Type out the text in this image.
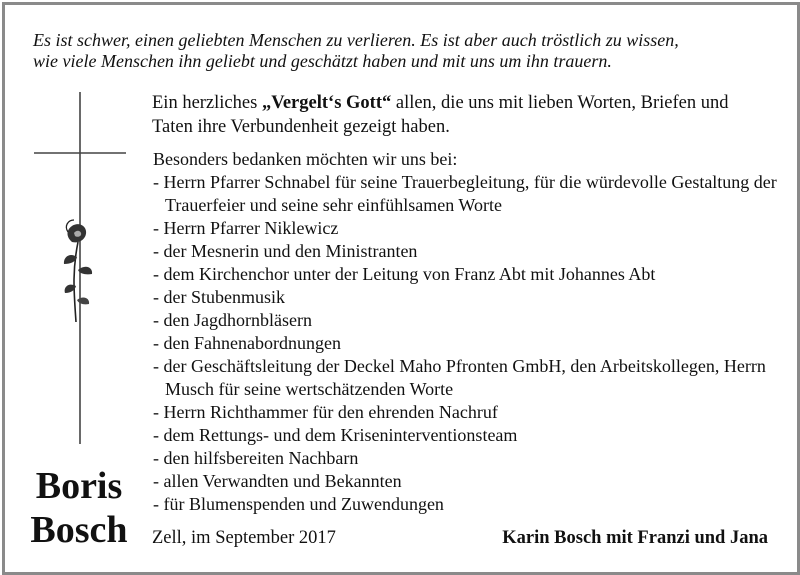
Es ist schwer, einen geliebten Menschen zu verlieren. Es ist aber auch tröstlich zu wissen,
wie viele Menschen ihn geliebt und geschätzt haben und mit uns um ihn trauern.

Ein herzliches „Vergelt‘s Gott“ allen, die uns mit lieben Worten, Briefen und Taten ihre Verbundenheit gezeigt haben.

Besonders bedanken möchten wir uns bei:

- Herrn Pfarrer Schnabel für seine Trauerbegleitung, für die würdevolle Gestaltung der Trauerfeier und seine sehr einfühlsamen Worte
- Herrn Pfarrer Niklewicz
- der Mesnerin und den Ministranten
- dem Kirchenchor unter der Leitung von Franz Abt mit Johannes Abt
- der Stubenmusik
- den Jagdhornbläsern
- den Fahnenabordnungen
- der Geschäftsleitung der Deckel Maho Pfronten GmbH, den Arbeitskollegen, Herrn Musch für seine wertschätzenden Worte
- Herrn Richthammer für den ehrenden Nachruf
- dem Rettungs- und dem Kriseninterventionsteam
- den hilfsbereiten Nachbarn
- allen Verwandten und Bekannten
- für Blumenspenden und Zuwendungen
Boris
Bosch	Zell, im September 2017	Karin Bosch mit Franzi und Jana
